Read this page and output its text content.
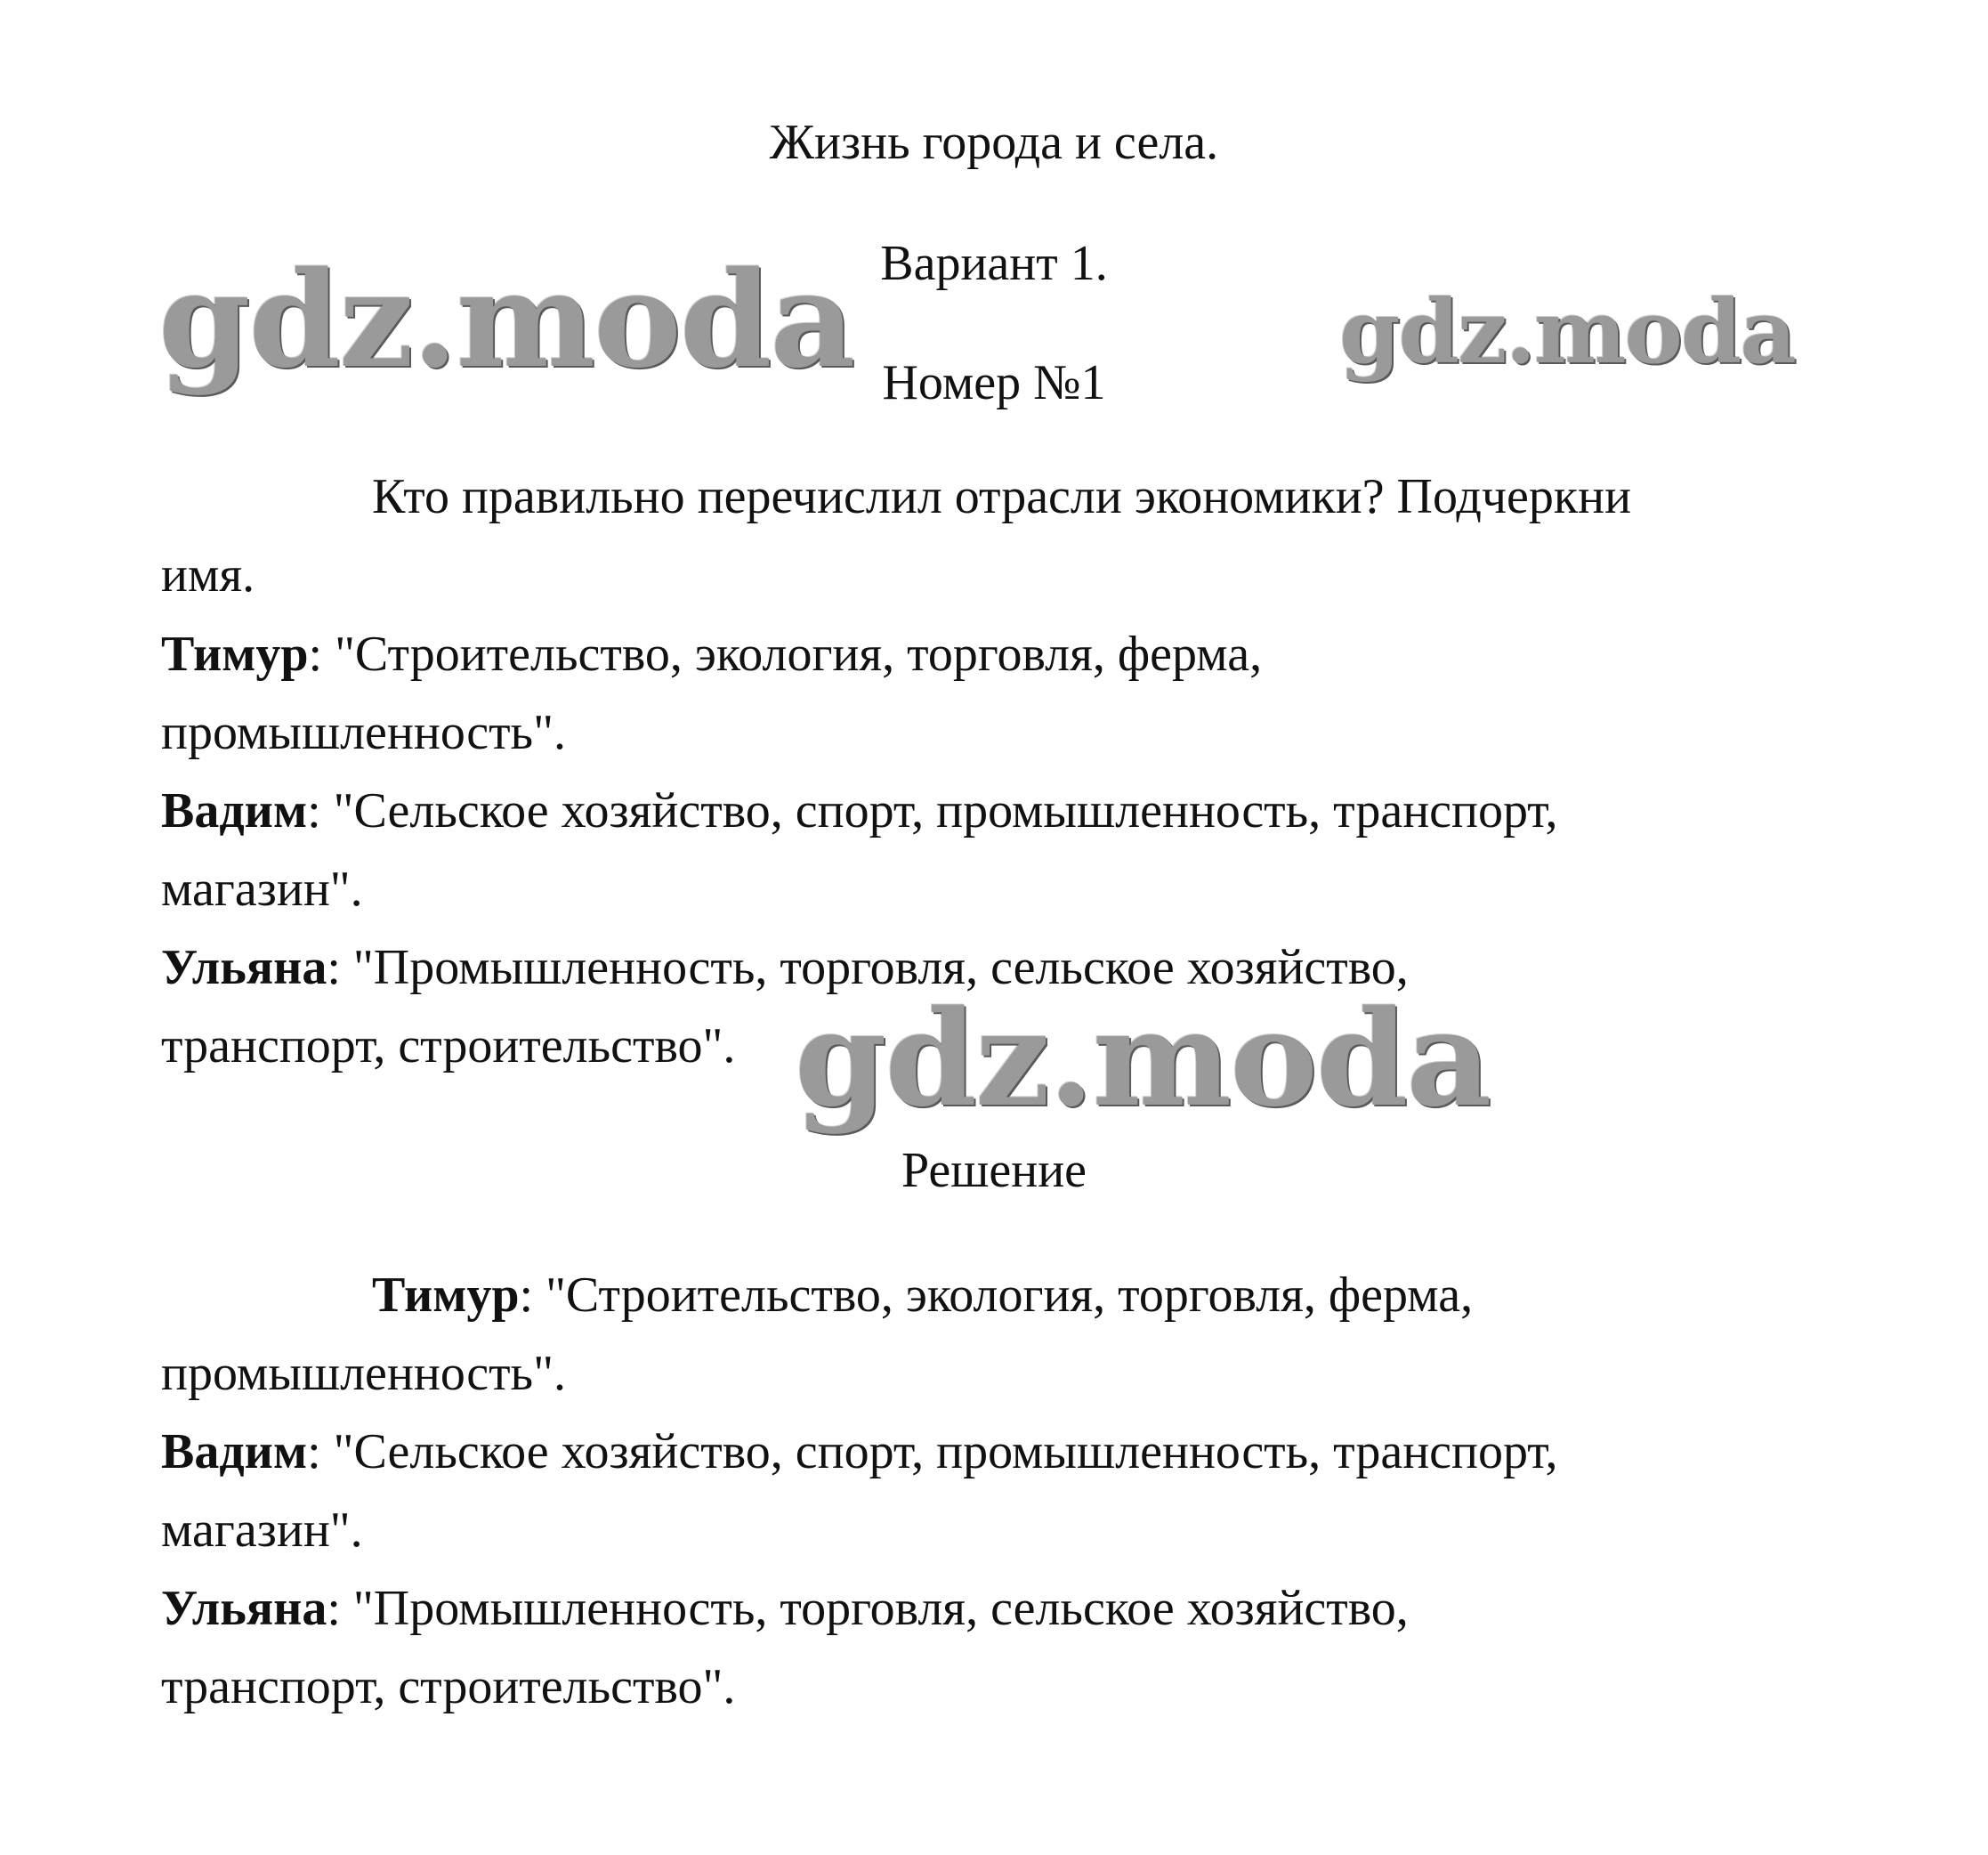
gdz.moda	gdz.moda
gdz.moda
Жизнь города и села.
Вариант 1.
Номер №1
Кто правильно перечислил отрасли экономики? Подчеркни
имя.
Тимур: "Строительство, экология, торговля, ферма,
промышленность".
Вадим: "Сельское хозяйство, спорт, промышленность, транспорт,
магазин".
Ульяна: "Промышленность, торговля, сельское хозяйство,
транспорт, строительство".
Решение
Тимур: "Строительство, экология, торговля, ферма,
промышленность".
Вадим: "Сельское хозяйство, спорт, промышленность, транспорт,
магазин".
Ульяна: "Промышленность, торговля, сельское хозяйство,
транспорт, строительство".
